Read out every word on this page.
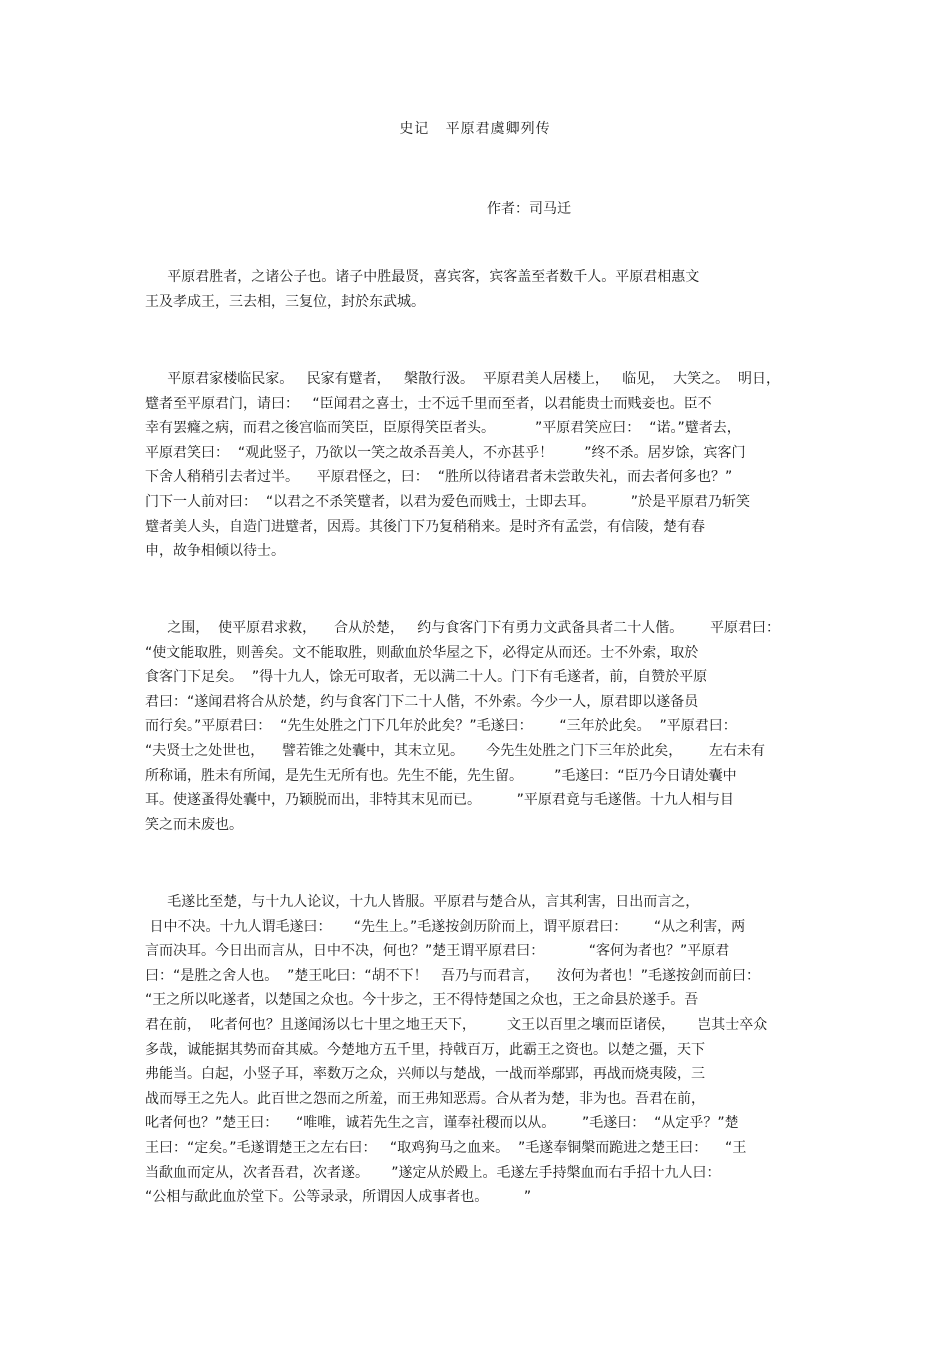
史记   平原君虞卿列传
作者：司马迁
平原君胜者，之诸公子也。诸子中胜最贤，喜宾客，宾客盖至者数千人。平原君相惠文
王及孝成王，三去相，三复位，封於东武城。
平原君家楼临民家。   民家有躄者，   槃散行汲。  平原君美人居楼上，   临见，  大笑之。  明日，
躄者至平原君门，请曰：   “臣闻君之喜士，士不远千里而至者，以君能贵士而贱妾也。臣不
幸有罢癃之病，而君之後宫临而笑臣，臣原得笑臣者头。         ”平原君笑应曰：  “诺。”躄者去，
平原君笑曰：  “观此竖子，乃欲以一笑之故杀吾美人，不亦甚乎！       ”终不杀。居岁馀，宾客门
下舍人稍稍引去者过半。    平原君怪之，曰：  “胜所以待诸君者未尝敢失礼，而去者何多也？”
门下一人前对曰：  “以君之不杀笑躄者，以君为爱色而贱士，士即去耳。        ”於是平原君乃斩笑
躄者美人头，自造门进躄者，因焉。其後门下乃复稍稍来。是时齐有孟尝，有信陵，楚有春
申，故争相倾以待士。
之围，  使平原君求救，    合从於楚，   约与食客门下有勇力文武备具者二十人偕。      平原君曰：
“使文能取胜，则善矣。文不能取胜，则歃血於华屋之下，必得定从而还。士不外索，取於
食客门下足矣。  ”得十九人，馀无可取者，无以满二十人。门下有毛遂者，前，自赞於平原
君曰：“遂闻君将合从於楚，约与食客门下二十人偕，不外索。今少一人，原君即以遂备员
而行矣。”平原君曰：  “先生处胜之门下几年於此矣？”毛遂曰：      “三年於此矣。  ”平原君曰：
“夫贤士之处世也，    譬若锥之处囊中，其末立见。     今先生处胜之门下三年於此矣，      左右未有
所称诵，胜未有所闻，是先生无所有也。先生不能，先生留。       ”毛遂曰：“臣乃今日请处囊中
耳。使遂蚤得处囊中，乃颖脱而出，非特其末见而已。        ”平原君竟与毛遂偕。十九人相与目
笑之而未废也。
毛遂比至楚，与十九人论议，十九人皆服。平原君与楚合从，言其利害，日出而言之，
日中不决。十九人谓毛遂曰：     “先生上。”毛遂按剑历阶而上，谓平原君曰：      “从之利害，两
言而决耳。今日出而言从，日中不决，何也？”楚王谓平原君曰：          “客何为者也？”平原君
曰：“是胜之舍人也。  ”楚王叱曰：“胡不下！   吾乃与而君言，    汝何为者也！”毛遂按剑而前曰：
“王之所以叱遂者，以楚国之众也。今十步之，王不得恃楚国之众也，王之命县於遂手。吾
君在前，  叱者何也？且遂闻汤以七十里之地王天下，       文王以百里之壤而臣诸侯，     岂其士卒众
多哉，诚能据其势而奋其威。今楚地方五千里，持戟百万，此霸王之资也。以楚之彊，天下
弗能当。白起，小竖子耳，率数万之众，兴师以与楚战，一战而举鄢郢，再战而烧夷陵，三
战而辱王之先人。此百世之怨而之所羞，而王弗知恶焉。合从者为楚，非为也。吾君在前，
叱者何也？”楚王曰：    “唯唯，诚若先生之言，谨奉社稷而以从。      ”毛遂曰：  “从定乎？”楚
王曰：“定矣。”毛遂谓楚王之左右曰：   “取鸡狗马之血来。  ”毛遂奉铜槃而跪进之楚王曰：    “王
当歃血而定从，次者吾君，次者遂。     ”遂定从於殿上。毛遂左手持槃血而右手招十九人曰：
“公相与歃此血於堂下。公等录录，所谓因人成事者也。        ”
